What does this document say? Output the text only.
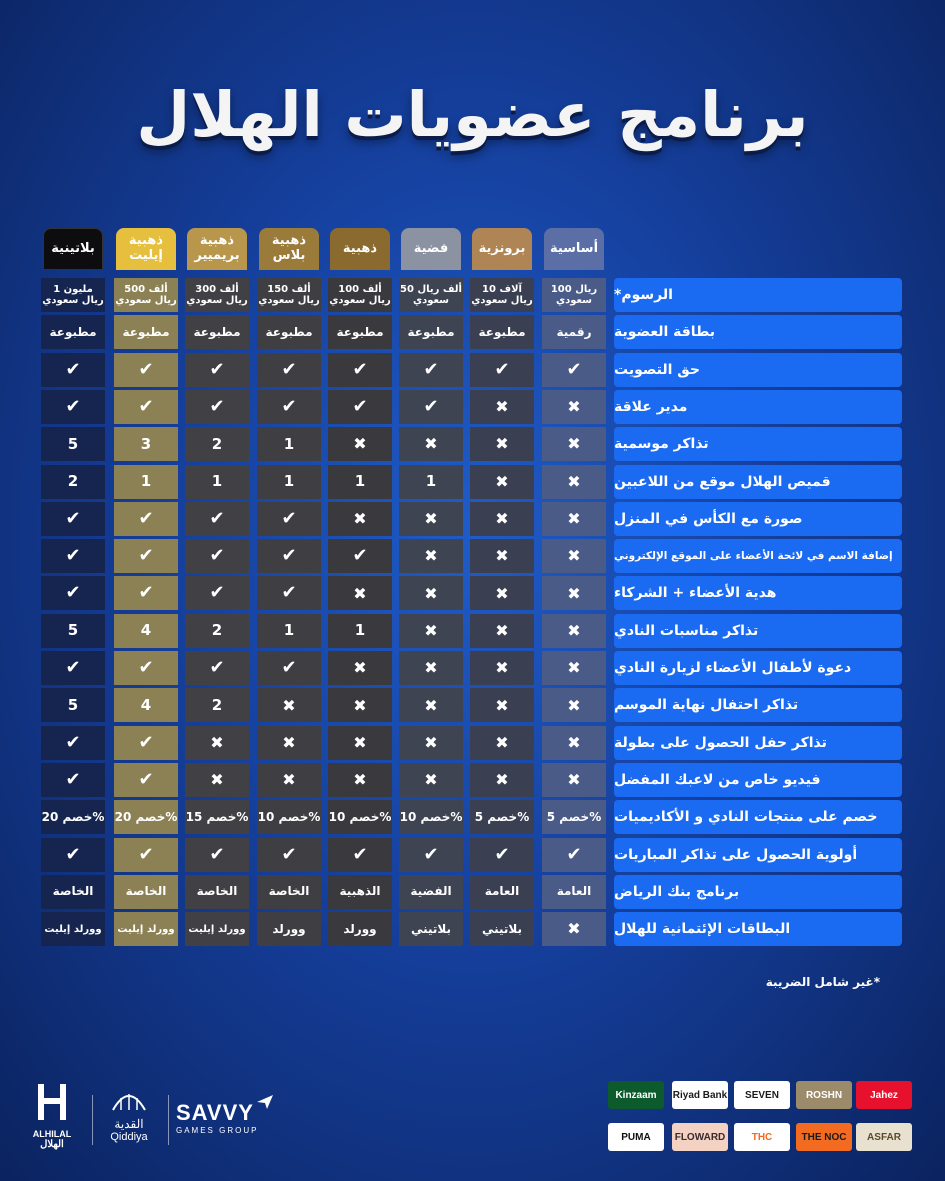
برنامج عضويات الهلال
أساسية
برونزية
فضية
ذهبية
ذهبية بلاس
ذهبية بريميير
ذهبية إيليت
بلاتينية
الرسوم*
100 ريال سعودي
10 آلاف ريال سعودي
50 ألف ريال سعودي
100 ألف ريال سعودي
150 ألف ريال سعودي
300 ألف ريال سعودي
500 ألف ريال سعودي
1 مليون ريال سعودي
بطاقة العضوية
رقمية
مطبوعة
مطبوعة
مطبوعة
مطبوعة
مطبوعة
مطبوعة
مطبوعة
حق التصويت
✔
✔
✔
✔
✔
✔
✔
✔
مدير علاقة
✖
✖
✔
✔
✔
✔
✔
✔
تذاكر موسمية
✖
✖
✖
✖
1
2
3
5
قميص الهلال موقع من اللاعبين
✖
✖
1
1
1
1
1
2
صورة مع الكأس في المنزل
✖
✖
✖
✖
✔
✔
✔
✔
إضافة الاسم في لائحة الأعضاء على الموقع الإلكتروني
✖
✖
✖
✔
✔
✔
✔
✔
هدية الأعضاء + الشركاء
✖
✖
✖
✖
✔
✔
✔
✔
تذاكر مناسبات النادي
✖
✖
✖
1
1
2
4
5
دعوة لأطفال الأعضاء لزيارة النادي
✖
✖
✖
✖
✔
✔
✔
✔
تذاكر احتفال نهاية الموسم
✖
✖
✖
✖
✖
2
4
5
تذاكر حفل الحصول على بطولة
✖
✖
✖
✖
✖
✖
✔
✔
فيديو خاص من لاعبك المفضل
✖
✖
✖
✖
✖
✖
✔
✔
خصم على منتجات النادي و الأكاديميات
خصم 5%
خصم 5%
خصم 10%
خصم 10%
خصم 10%
خصم 15%
خصم 20%
خصم 20%
أولوية الحصول على تذاكر المباريات
✔
✔
✔
✔
✔
✔
✔
✔
برنامج بنك الرياض
العامة
العامة
الفضية
الذهبية
الخاصة
الخاصة
الخاصة
الخاصة
البطاقات الإئتمانية للهلال
✖
بلاتيني
بلاتيني
وورلد
وورلد
وورلد إيليت
وورلد إيليت
وورلد إيليت
*غير شامل الضريبة
ALHILAL
الهلال
القدية
Qiddiya
SAVVY
GAMES GROUP
Jahez
ROSHN
SEVEN
Riyad Bank
Kinzaam
ASFAR
THE NOC
THC
FLOWARD
PUMA
